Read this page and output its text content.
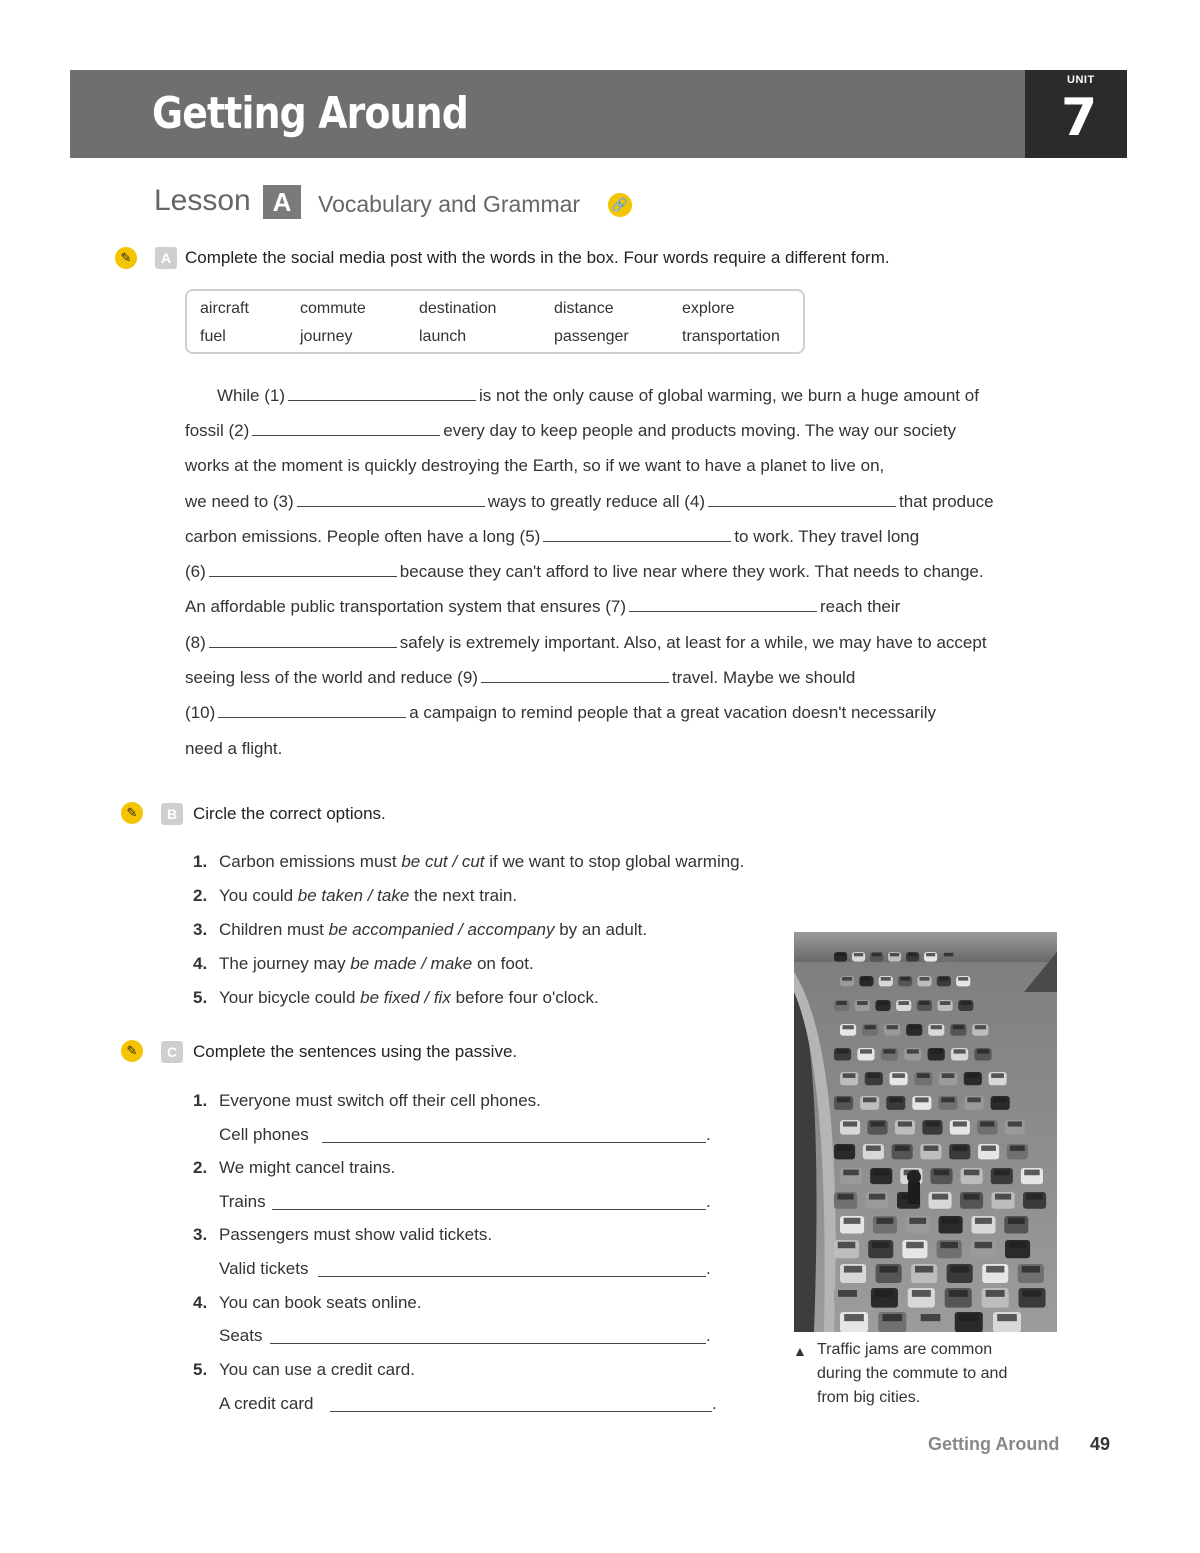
Getting Around
UNIT
7
Lesson A	Vocabulary and Grammar	🔗
✎	A Complete the social media post with the words in the box. Four words require a different form.
aircraft	commute	destination	distance	explore
fuel	journey	launch	passenger	transportation
While (1)	is not the only cause of global warming, we burn a huge amount of
fossil (2)	every day to keep people and products moving. The way our society
works at the moment is quickly destroying the Earth, so if we want to have a planet to live on,
we need to (3)	ways to greatly reduce all (4)	that produce
carbon emissions. People often have a long (5)	to work. They travel long
(6)	because they can't afford to live near where they work. That needs to change.
An affordable public transportation system that ensures (7)	reach their
(8)	safely is extremely important. Also, at least for a while, we may have to accept
seeing less of the world and reduce (9)	travel. Maybe we should
(10)	a campaign to remind people that a great vacation doesn't necessarily
need a flight.
✎	B Circle the correct options.
1. Carbon emissions must be cut / cut if we want to stop global warming.
2. You could be taken / take the next train.
3. Children must be accompanied / accompany by an adult.
4. The journey may be made / make on foot.
5. Your bicycle could be fixed / fix before four o'clock.
✎	C Complete the sentences using the passive.
1. Everyone must switch off their cell phones.
Cell phones	.
2. We might cancel trains.
Trains	.
3. Passengers must show valid tickets.
Valid tickets	.
4. You can book seats online.
Seats	.
5. You can use a credit card.
A credit card	.
▲ Traffic jams are common
during the commute to and
from big cities.
Getting Around 49
